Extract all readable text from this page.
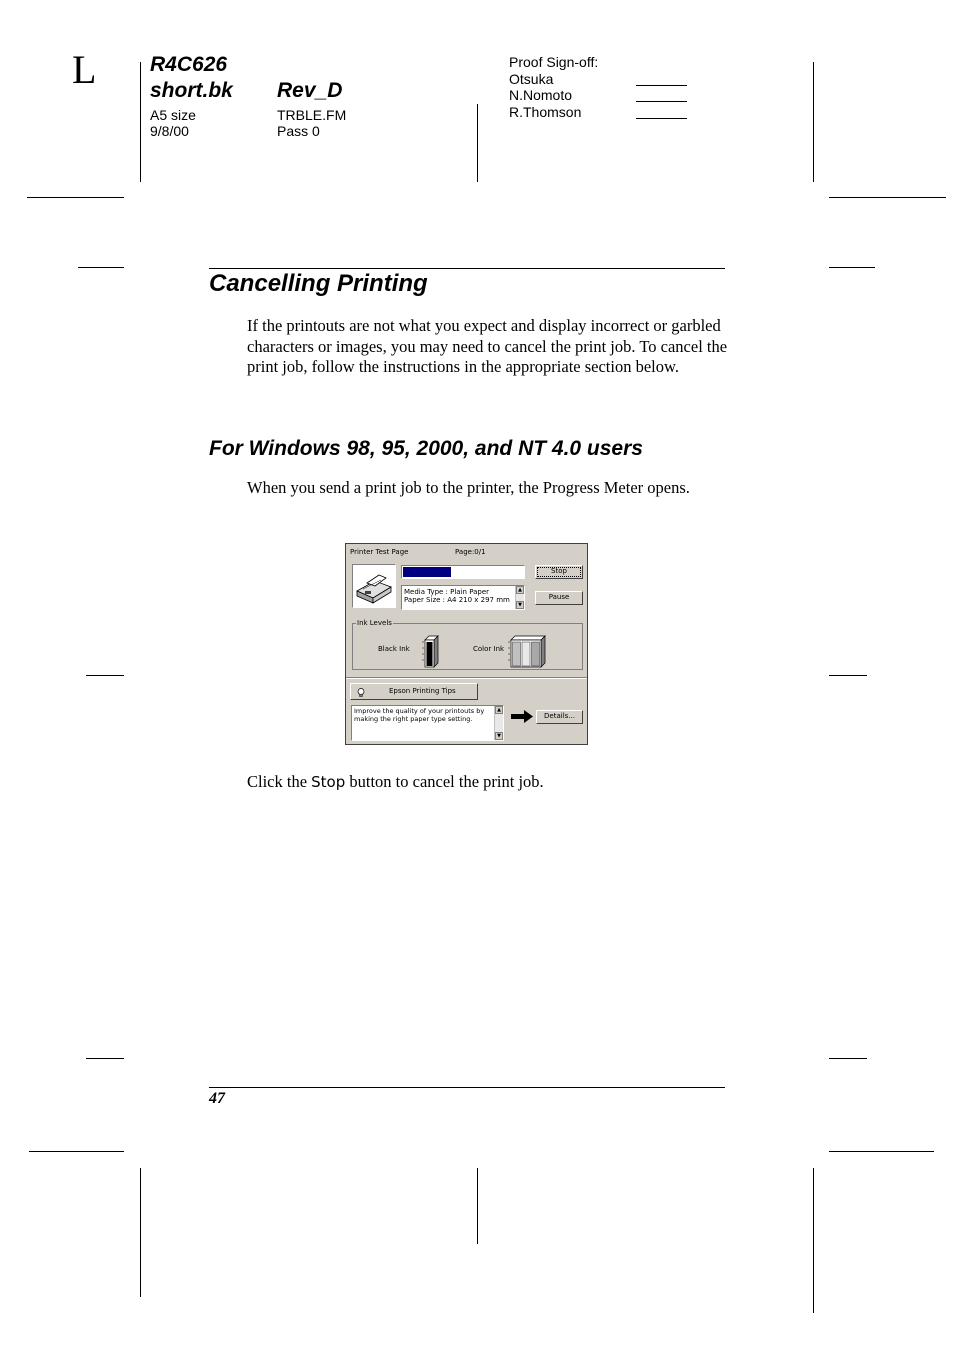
L	R4C626
short.bk Rev_D
A5 size
9/8/00
TRBLE.FM
Pass 0
Proof Sign-off:
Otsuka
N.Nomoto
R.Thomson
Cancelling Printing
If the printouts are not what you expect and display incorrect or garbled characters or images, you may need to cancel the print job. To cancel the print job, follow the instructions in the appropriate section below.
For Windows 98, 95, 2000, and NT 4.0 users
When you send a print job to the printer, the Progress Meter opens.
Printer Test Page	Page:0/1
Media Type : Plain Paper
Paper Size : A4 210 x 297 mm
▲
▼
Stop
Pause
Ink Levels
Black Ink	Color Ink
Epson Printing Tips
Improve the quality of your printouts by making the right paper type setting.
▲
▼
Details...
Click the Stop button to cancel the print job.
47
